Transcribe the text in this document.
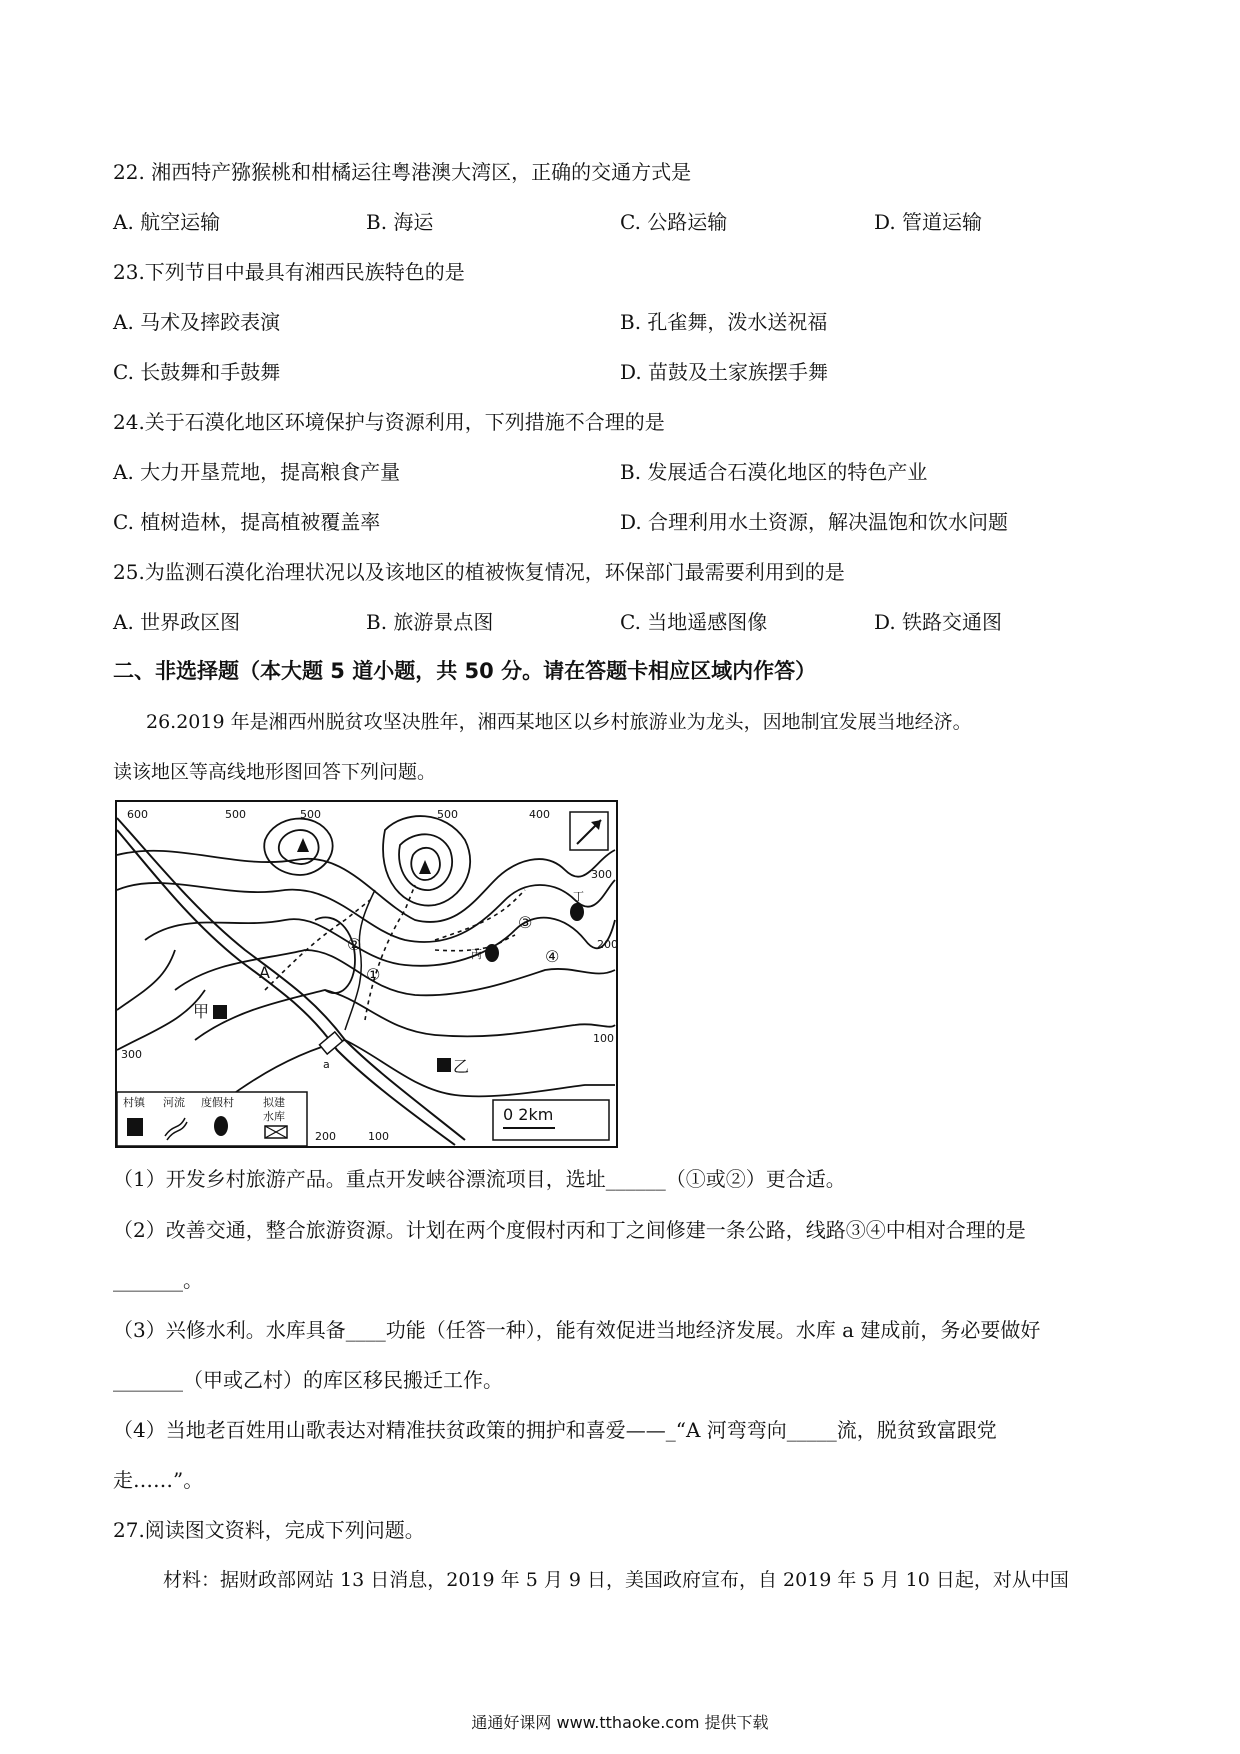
22. 湘西特产猕猴桃和柑橘运往粤港澳大湾区，正确的交通方式是
A. 航空运输	B. 海运	C. 公路运输	D. 管道运输
23.下列节目中最具有湘西民族特色的是
A. 马术及摔跤表演	B. 孔雀舞，泼水送祝福
C. 长鼓舞和手鼓舞	D. 苗鼓及土家族摆手舞
24.关于石漠化地区环境保护与资源利用，下列措施不合理的是
A. 大力开垦荒地，提高粮食产量	B. 发展适合石漠化地区的特色产业
C. 植树造林，提高植被覆盖率	D. 合理利用水土资源，解决温饱和饮水问题
25.为监测石漠化治理状况以及该地区的植被恢复情况，环保部门最需要利用到的是
A. 世界政区图	B. 旅游景点图	C. 当地遥感图像	D. 铁路交通图
二、非选择题（本大题 5 道小题，共 50 分。请在答题卡相应区域内作答）
26.2019 年是湘西州脱贫攻坚决胜年，湘西某地区以乡村旅游业为龙头，因地制宜发展当地经济。
读该地区等高线地形图回答下列问题。
600	500	500	500	400
300
300
200
200
100
100
甲
乙
丙
丁
A
a
①
②
③
④
村镇 河流 度假村	拟建
水库	0 2km
（1）开发乡村旅游产品。重点开发峡谷漂流项目，选址______（①或②）更合适。
（2）改善交通，整合旅游资源。计划在两个度假村丙和丁之间修建一条公路，线路③④中相对合理的是
_______。
（3）兴修水利。水库具备____功能（任答一种），能有效促进当地经济发展。水库 a 建成前，务必要做好
_______（甲或乙村）的库区移民搬迁工作。
（4）当地老百姓用山歌表达对精准扶贫政策的拥护和喜爱——_“A 河弯弯向_____流，脱贫致富跟党
走……”。
27.阅读图文资料，完成下列问题。
材料：据财政部网站 13 日消息，2019 年 5 月 9 日，美国政府宣布，自 2019 年 5 月 10 日起，对从中国
通通好课网 www.tthaoke.com 提供下载
